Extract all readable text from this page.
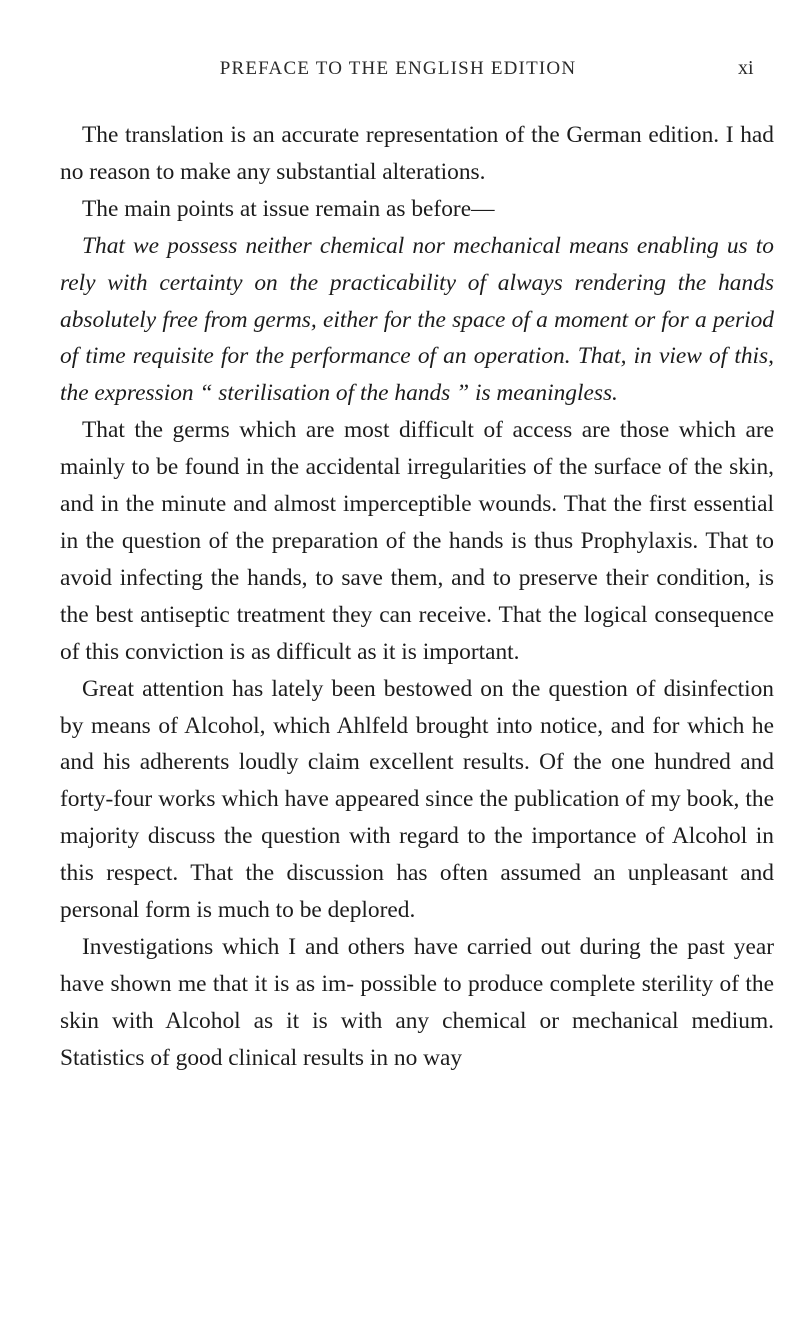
PREFACE TO THE ENGLISH EDITION	xi

The translation is an accurate representation of the German edition. I had no reason to make any substantial alterations.

The main points at issue remain as before—

That we possess neither chemical nor mechanical means enabling us to rely with certainty on the practicability of always rendering the hands absolutely free from germs, either for the space of a moment or for a period of time requisite for the performance of an operation. That, in view of this, the expression “ sterilisation of the hands ” is meaningless.

That the germs which are most difficult of access are those which are mainly to be found in the accidental irregularities of the surface of the skin, and in the minute and almost imperceptible wounds. That the first essential in the question of the preparation of the hands is thus Prophylaxis. That to avoid infecting the hands, to save them, and to preserve their condition, is the best antiseptic treatment they can receive. That the logical consequence of this conviction is as difficult as it is important.

Great attention has lately been bestowed on the question of disinfection by means of Alcohol, which Ahlfeld brought into notice, and for which he and his adherents loudly claim excellent results. Of the one hundred and forty-four works which have appeared since the publication of my book, the majority discuss the question with regard to the importance of Alcohol in this respect. That the discussion has often assumed an unpleasant and personal form is much to be deplored.

Investigations which I and others have carried out during the past year have shown me that it is as im- possible to produce complete sterility of the skin with Alcohol as it is with any chemical or mechanical medium. Statistics of good clinical results in no way
